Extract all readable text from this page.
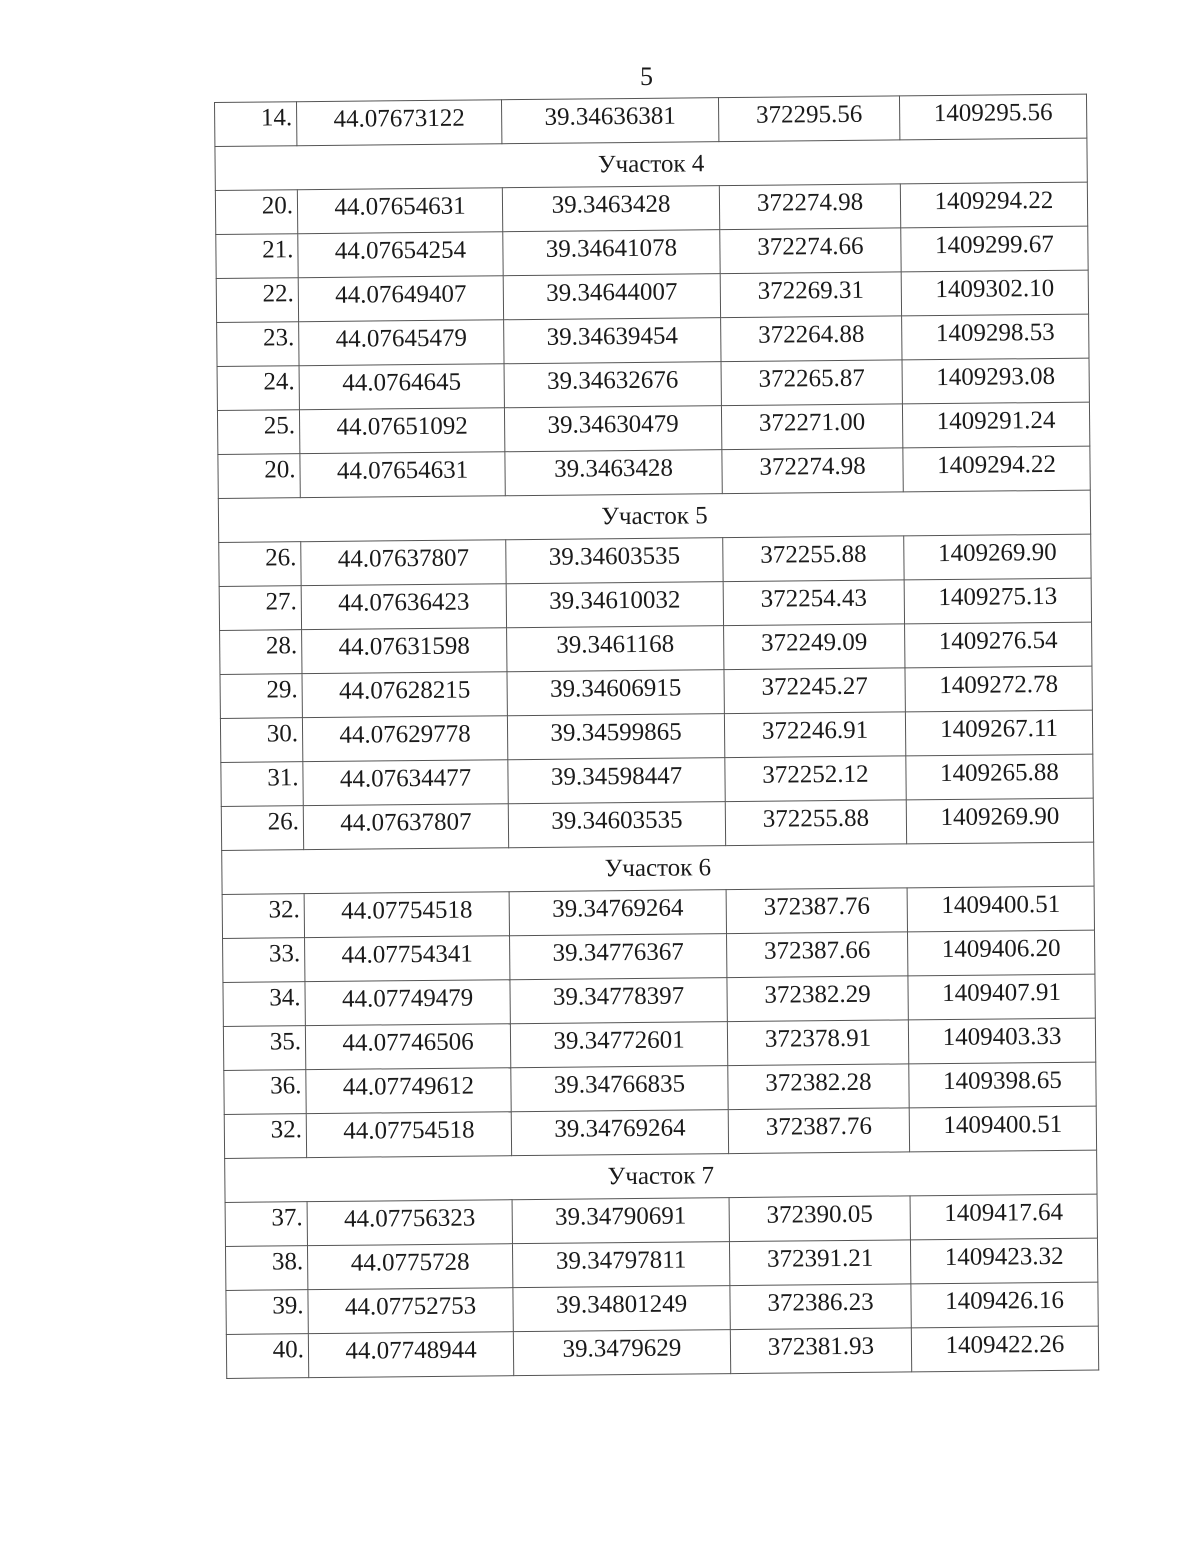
5
14.	44.07673122	39.34636381	372295.56	1409295.56
Участок 4				
20.	44.07654631	39.3463428	372274.98	1409294.22
21.	44.07654254	39.34641078	372274.66	1409299.67
22.	44.07649407	39.34644007	372269.31	1409302.10
23.	44.07645479	39.34639454	372264.88	1409298.53
24.	44.0764645	39.34632676	372265.87	1409293.08
25.	44.07651092	39.34630479	372271.00	1409291.24
20.	44.07654631	39.3463428	372274.98	1409294.22
Участок 5				
26.	44.07637807	39.34603535	372255.88	1409269.90
27.	44.07636423	39.34610032	372254.43	1409275.13
28.	44.07631598	39.3461168	372249.09	1409276.54
29.	44.07628215	39.34606915	372245.27	1409272.78
30.	44.07629778	39.34599865	372246.91	1409267.11
31.	44.07634477	39.34598447	372252.12	1409265.88
26.	44.07637807	39.34603535	372255.88	1409269.90
Участок 6				
32.	44.07754518	39.34769264	372387.76	1409400.51
33.	44.07754341	39.34776367	372387.66	1409406.20
34.	44.07749479	39.34778397	372382.29	1409407.91
35.	44.07746506	39.34772601	372378.91	1409403.33
36.	44.07749612	39.34766835	372382.28	1409398.65
32.	44.07754518	39.34769264	372387.76	1409400.51
Участок 7				
37.	44.07756323	39.34790691	372390.05	1409417.64
38.	44.0775728	39.34797811	372391.21	1409423.32
39.	44.07752753	39.34801249	372386.23	1409426.16
40.	44.07748944	39.3479629	372381.93	1409422.26
